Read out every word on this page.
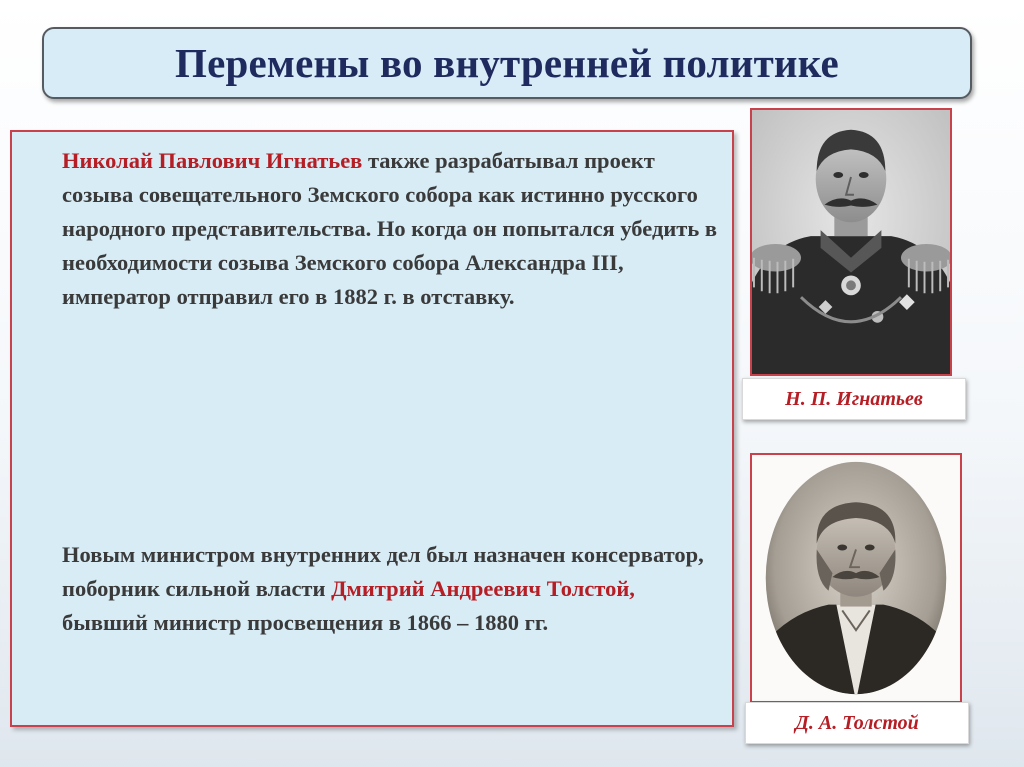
Перемены во внутренней политике

Николай Павлович Игнатьев также разрабатывал проект созыва совещательного Земского собора как истинно русского народного представительства. Но когда он попытался убедить в необходимости созыва Земского собора Александра III, император отправил его в 1882 г. в отставку.

Новым министром внутренних дел был назначен консерватор, поборник сильной власти Дмитрий Андреевич Толстой, бывший министр просвещения в 1866 – 1880 гг.

Н. П. Игнатьев
Д. А. Толстой
